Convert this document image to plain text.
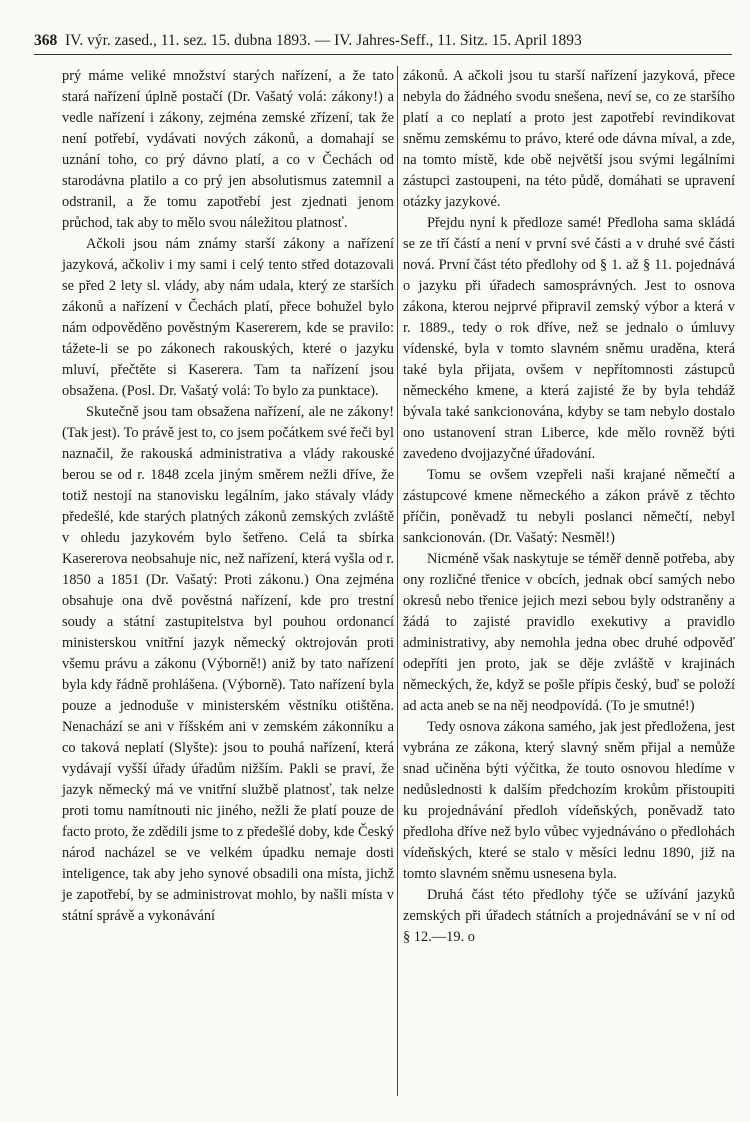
368 IV. výr. zased., 11. sez. 15. dubna 1893. — IV. Jahres-Seff., 11. Sitz. 15. April 1893

prý máme veliké množství starých nařízení, a že tato stará nařízení úplně postačí (Dr. Vašatý volá: zákony!) a vedle nařízení i zákony, zejména zemské zřízení, tak že není potřebí, vydávati nových zákonů, a domahají se uznání toho, co prý dávno platí, a co v Čechách od starodávna platilo a co prý jen absolutismus zatemnil a odstranil, a že tomu zapotřebí jest zjednati jenom průchod, tak aby to mělo svou náležitou platnosť.

Ačkoli jsou nám známy starší zákony a nařízení jazyková, ačkoliv i my sami i celý tento střed dotazovali se před 2 lety sl. vlády, aby nám udala, který ze starších zákonů a nařízení v Čechách platí, přece bohužel bylo nám odpověděno pověstným Kasererem, kde se pravilo: tážete-li se po zákonech rakouských, které o jazyku mluví, přečtěte si Kaserera. Tam ta nařízení jsou obsažena. (Posl. Dr. Vašatý volá: To bylo za punktace).

Skutečně jsou tam obsažena nařízení, ale ne zákony! (Tak jest). To právě jest to, co jsem počátkem své řeči byl naznačil, že rakouská administrativa a vlády rakouské berou se od r. 1848 zcela jiným směrem nežli dříve, že totiž nestojí na stanovisku legálním, jako stávaly vlády předešlé, kde starých platných zákonů zemských zvláště v ohledu jazykovém bylo šetřeno. Celá ta sbírka Kasererova neobsahuje nic, než nařízení, která vyšla od r. 1850 a 1851 (Dr. Vašatý: Proti zákonu.) Ona zejména obsahuje ona dvě pověstná nařízení, kde pro trestní soudy a státní zastupitelstva byl pouhou ordonancí ministerskou vnitřní jazyk německý oktrojován proti všemu právu a zákonu (Výborně!) aniž by tato nařízení byla kdy řádně prohlášena. (Výborně). Tato nařízení byla pouze a jednoduše v ministerském věstníku otištěna. Nenachází se ani v říšském ani v zemském zákonníku a co taková neplatí (Slyšte): jsou to pouhá nařízení, která vydávají vyšší úřady úřadům nižším. Pakli se praví, že jazyk německý má ve vnitřní službě platnosť, tak nelze proti tomu namítnouti nic jiného, nežli že platí pouze de facto proto, že zdědili jsme to z předešlé doby, kde Český národ nacházel se ve velkém úpadku nemaje dosti inteligence, tak aby jeho synové obsadili ona místa, jichž je zapotřebí, by se administrovat mohlo, by našli místa v státní správě a vykonávání

zákonů. A ačkoli jsou tu starší nařízení jazyková, přece nebyla do žádného svodu snešena, neví se, co ze staršího platí a co neplatí a proto jest zapotřebí revindikovat sněmu zemskému to právo, které ode dávna míval, a zde, na tomto místě, kde obě největší jsou svými legálními zástupci zastoupeni, na této půdě, domáhati se upravení otázky jazykové.

Přejdu nyní k předloze samé! Předloha sama skládá se ze tří částí a není v první své části a v druhé své části nová. První část této předlohy od § 1. až § 11. pojednává o jazyku při úřadech samosprávných. Jest to osnova zákona, kterou nejprvé připravil zemský výbor a která v r. 1889., tedy o rok dříve, než se jednalo o úmluvy vídenské, byla v tomto slavném sněmu uraděna, která také byla přijata, ovšem v nepřítomnosti zástupců německého kmene, a která zajisté že by byla tehdáž bývala také sankcionována, kdyby se tam nebylo dostalo ono ustanovení stran Liberce, kde mělo rovněž býti zavedeno dvojjazyčné úřadování.

Tomu se ovšem vzepřeli naši krajané němečtí a zástupcové kmene německého a zákon právě z těchto příčin, poněvadž tu nebyli poslanci němečtí, nebyl sankcionován. (Dr. Vašatý: Nesměl!)

Nicméně však naskytuje se téměř denně potřeba, aby ony rozličné třenice v obcích, jednak obcí samých nebo okresů nebo třenice jejich mezi sebou byly odstraněny a žádá to zajisté pravidlo exekutivy a pravidlo administrativy, aby nemohla jedna obec druhé odpověď odepříti jen proto, jak se děje zvláště v krajinách německých, že, když se pošle přípis český, buď se položí ad acta aneb se na něj neodpovídá. (To je smutné!)

Tedy osnova zákona samého, jak jest předložena, jest vybrána ze zákona, který slavný sněm přijal a nemůže snad učiněna býti výčitka, že touto osnovou hledíme v nedůslednosti k dalším předchozím krokům přistoupiti ku projednávání předloh vídeňských, poněvadž tato předloha dříve než bylo vůbec vyjednáváno o předlohách vídeňských, které se stalo v měsíci lednu 1890, již na tomto slavném sněmu usnesena byla.

Druhá část této předlohy týče se užívání jazyků zemských při úřadech státních a projednávání se v ní od § 12.—19. o
